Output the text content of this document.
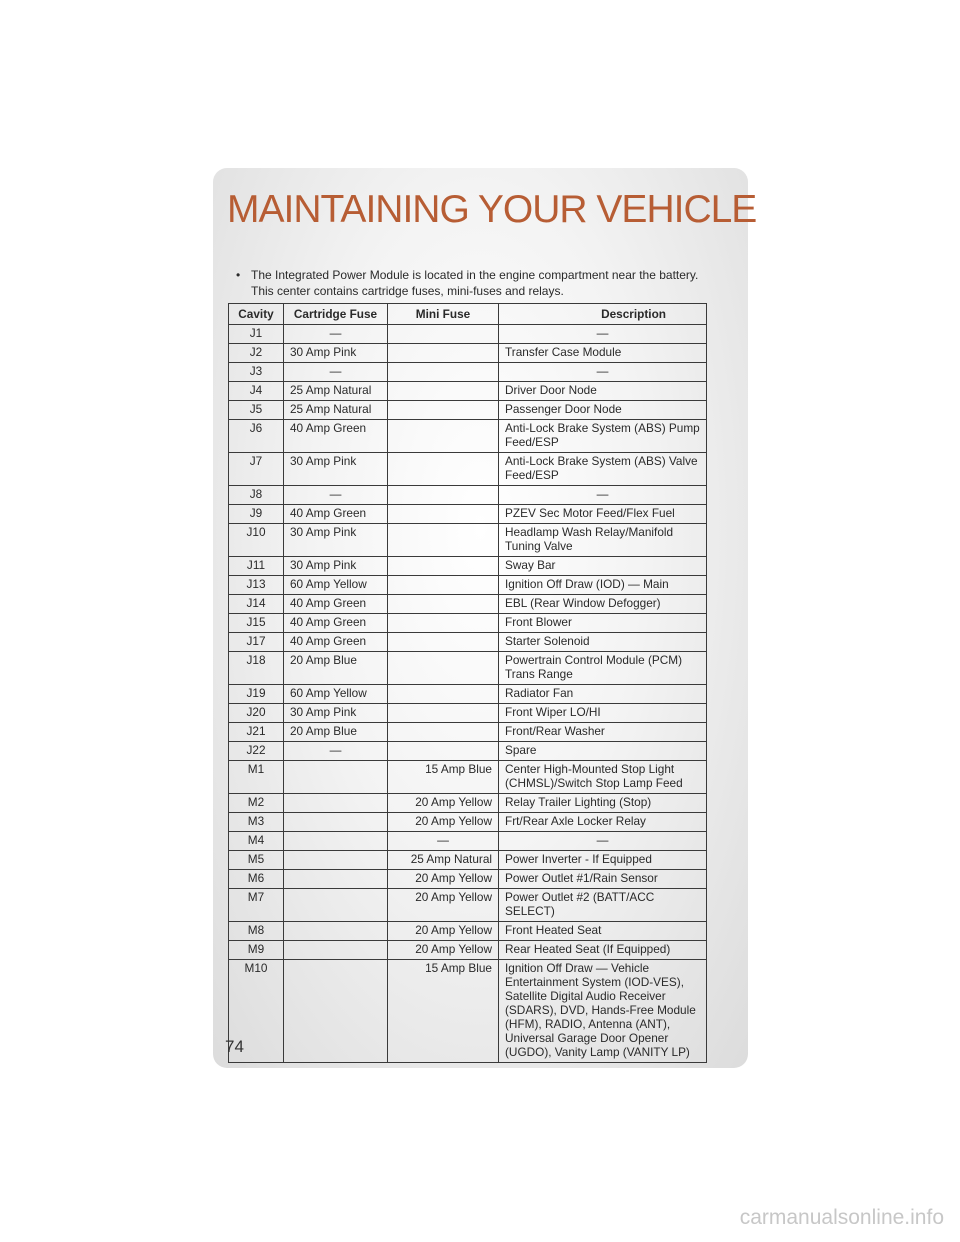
MAINTAINING YOUR VEHICLE
• The Integrated Power Module is located in the engine compartment near the battery. This center contains cartridge fuses, mini-fuses and relays.
Cavity	Cartridge Fuse	Mini Fuse	Description
J1	—		—
J2	30 Amp Pink		Transfer Case Module
J3	—		—
J4	25 Amp Natural		Driver Door Node
J5	25 Amp Natural		Passenger Door Node
J6	40 Amp Green		Anti-Lock Brake System (ABS) Pump Feed/ESP
J7	30 Amp Pink		Anti-Lock Brake System (ABS) Valve Feed/ESP
J8	—		—
J9	40 Amp Green		PZEV Sec Motor Feed/Flex Fuel
J10	30 Amp Pink		Headlamp Wash Relay/Manifold Tuning Valve
J11	30 Amp Pink		Sway Bar
J13	60 Amp Yellow		Ignition Off Draw (IOD) — Main
J14	40 Amp Green		EBL (Rear Window Defogger)
J15	40 Amp Green		Front Blower
J17	40 Amp Green		Starter Solenoid
J18	20 Amp Blue		Powertrain Control Module (PCM) Trans Range
J19	60 Amp Yellow		Radiator Fan
J20	30 Amp Pink		Front Wiper LO/HI
J21	20 Amp Blue		Front/Rear Washer
J22	—		Spare
M1		15 Amp Blue	Center High-Mounted Stop Light (CHMSL)/Switch Stop Lamp Feed
M2		20 Amp Yellow	Relay Trailer Lighting (Stop)
M3		20 Amp Yellow	Frt/Rear Axle Locker Relay
M4		—	—
M5		25 Amp Natural	Power Inverter - If Equipped
M6		20 Amp Yellow	Power Outlet #1/Rain Sensor
M7		20 Amp Yellow	Power Outlet #2 (BATT/ACC SELECT)
M8		20 Amp Yellow	Front Heated Seat
M9		20 Amp Yellow	Rear Heated Seat (If Equipped)
M10		15 Amp Blue	Ignition Off Draw — Vehicle Entertainment System (IOD-VES), Satellite Digital Audio Receiver (SDARS), DVD, Hands-Free Module (HFM), RADIO, Antenna (ANT), Universal Garage Door Opener (UGDO), Vanity Lamp (VANITY LP)
74
carmanualsonline.info
